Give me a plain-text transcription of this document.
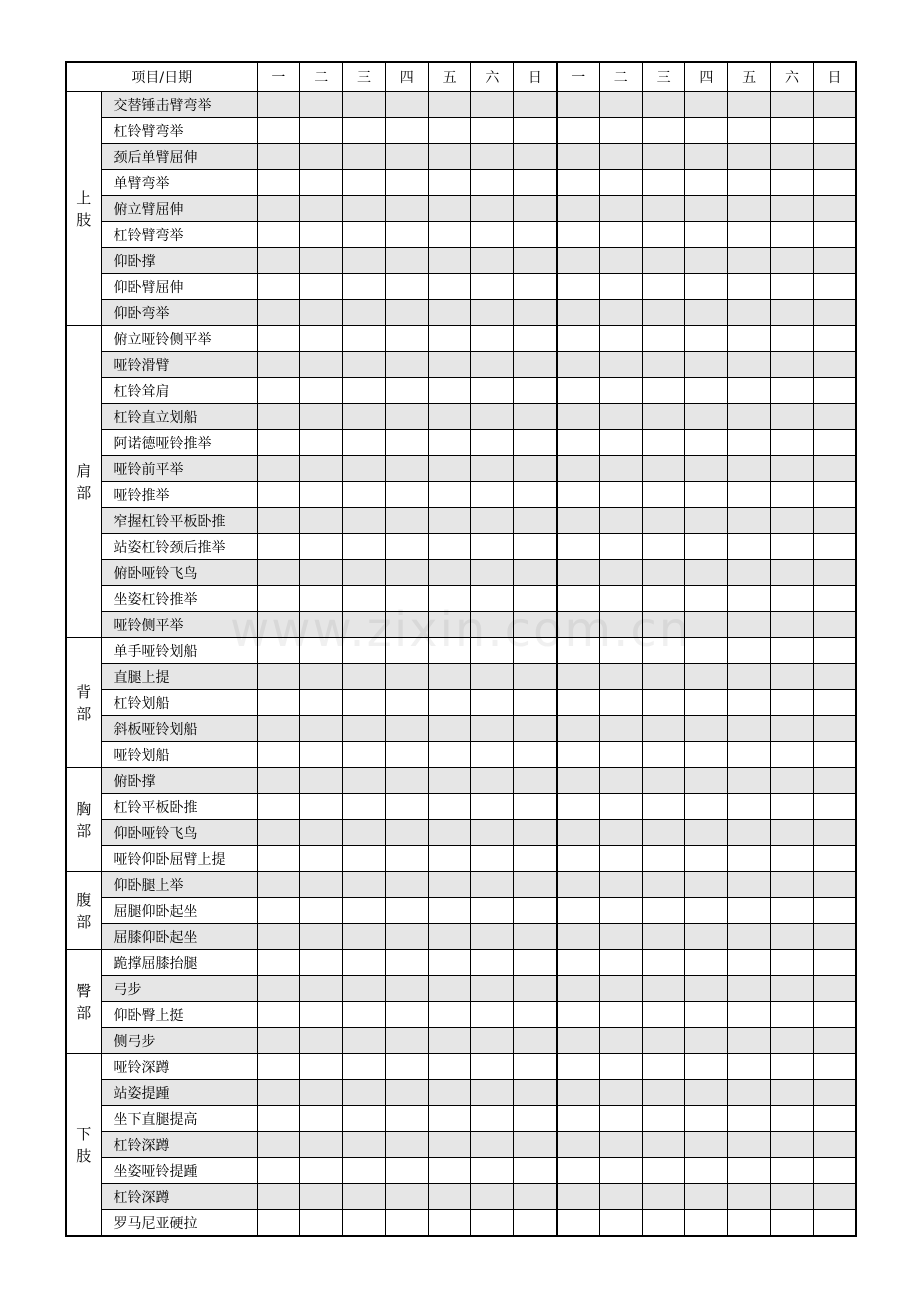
项目/日期		一	二	三	四	五	六	日	一	二	三	四	五	六	日

上肢	交替锤击臂弯举														
	杠铃臂弯举														
	颈后单臂屈伸														
	单臂弯举														
	俯立臂屈伸														
	杠铃臂弯举														
	仰卧撑														
	仰卧臂屈伸														
	仰卧弯举														

肩部	俯立哑铃侧平举														
	哑铃滑臂														
	杠铃耸肩														
	杠铃直立划船														
	阿诺德哑铃推举														
	哑铃前平举														
	哑铃推举														
	窄握杠铃平板卧推														
	站姿杠铃颈后推举														
	俯卧哑铃飞鸟														
	坐姿杠铃推举														
	哑铃侧平举														

背部	单手哑铃划船														
	直腿上提														
	杠铃划船														
	斜板哑铃划船														
	哑铃划船														

胸部	俯卧撑														
	杠铃平板卧推														
	仰卧哑铃飞鸟														
	哑铃仰卧屈臂上提														

腹部	仰卧腿上举														
	屈腿仰卧起坐														
	屈膝仰卧起坐														

臀部	跪撑屈膝抬腿														
	弓步														
	仰卧臀上挺														
	侧弓步														

下肢	哑铃深蹲														
	站姿提踵														
	坐下直腿提高														
	杠铃深蹲														
	坐姿哑铃提踵														
	杠铃深蹲														
	罗马尼亚硬拉														
